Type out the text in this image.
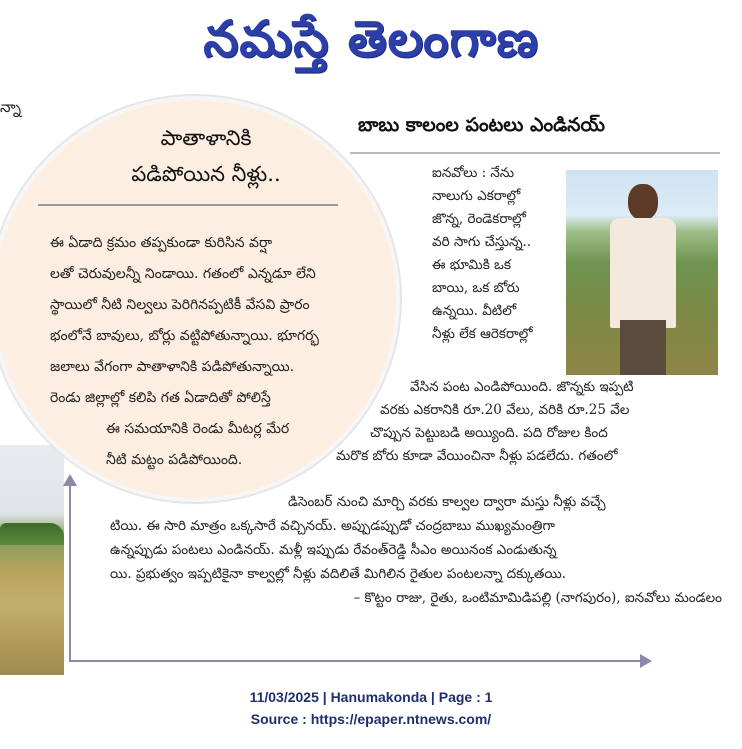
నమస్తే తెలంగాణ
న్నా
పాతాళానికి
పడిపోయిన నీళ్లు..
ఈ ఏడాది క్రమం తప్పకుండా కురిసిన వర్షా
లతో చెరువులన్నీ నిండాయి. గతంలో ఎన్నడూ లేని
స్థాయిలో నీటి నిల్వలు పెరిగినప్పటికీ వేసవి ప్రారం
భంలోనే బావులు, బోర్లు వట్టిపోతున్నాయి. భూగర్భ
జలాలు వేగంగా పాతాళానికి పడిపోతున్నాయి.
రెండు జిల్లాల్లో కలిపి గత ఏడాదితో పోలిస్తే
ఈ సమయానికి రెండు మీటర్ల మేర
నీటి మట్టం పడిపోయింది.
బాబు కాలంల పంటలు ఎండినయ్
ఐనవోలు : నేను
నాలుగు ఎకరాల్లో
జొన్న, రెండెకరాల్లో
వరి సాగు చేస్తున్న..
ఈ భూమికి ఒక
బాయి, ఒక బోరు
ఉన్నయి. వీటిలో
నీళ్లు లేక ఆరెకరాల్లో
వేసిన పంట ఎండిపోయింది. జొన్నకు ఇప్పటి
వరకు ఎకరానికి రూ.20 వేలు, వరికి రూ.25 వేల
చొప్పున పెట్టుబడి అయ్యింది. పది రోజుల కింద
మరొక బోరు కూడా వేయించినా నీళ్లు పడలేదు. గతంలో
డిసెంబర్ నుంచి మార్చి వరకు కాల్వల ద్వారా మస్తు నీళ్లు వచ్చే
టియి. ఈ సారి మాత్రం ఒక్కసారే వచ్చినయ్. అప్పుడప్పుడో చంద్రబాబు ముఖ్యమంత్రిగా
ఉన్నప్పుడు పంటలు ఎండినయ్. మళ్లీ ఇప్పుడు రేవంత్‌రెడ్డి సీఎం అయినంక ఎండుతున్న
యి. ప్రభుత్వం ఇప్పటికైనా కాల్వల్లో నీళ్లు వదిలితే మిగిలిన రైతుల పంటలన్నా దక్కుతయి.
– కొట్టం రాజు, రైతు, ఒంటిమామిడిపల్లి (నాగపురం), ఐనవోలు మండలం
11/03/2025 | Hanumakonda | Page : 1
Source : https://epaper.ntnews.com/
